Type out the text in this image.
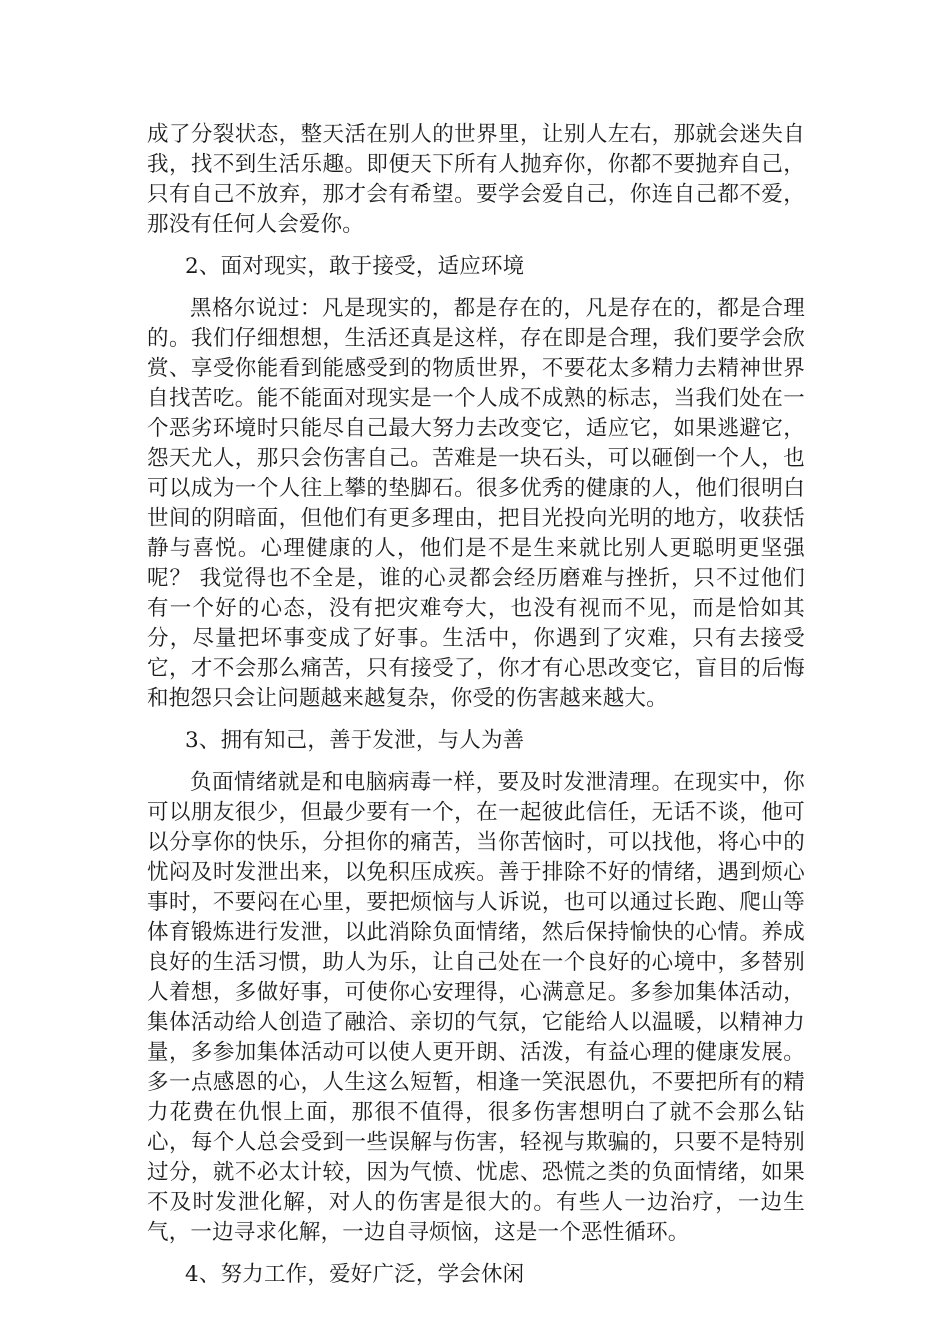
成了分裂状态，整天活在别人的世界里，让别人左右，那就会迷失自我，找不到生活乐趣。即便天下所有人抛弃你，你都不要抛弃自己，只有自己不放弃，那才会有希望。要学会爱自己，你连自己都不爱，那没有任何人会爱你。

2、面对现实，敢于接受，适应环境

黑格尔说过：凡是现实的，都是存在的，凡是存在的，都是合理的。我们仔细想想，生活还真是这样，存在即是合理，我们要学会欣赏、享受你能看到能感受到的物质世界，不要花太多精力去精神世界自找苦吃。能不能面对现实是一个人成不成熟的标志，当我们处在一个恶劣环境时只能尽自己最大努力去改变它，适应它，如果逃避它，怨天尤人，那只会伤害自己。苦难是一块石头，可以砸倒一个人，也可以成为一个人往上攀的垫脚石。很多优秀的健康的人，他们很明白世间的阴暗面，但他们有更多理由，把目光投向光明的地方，收获恬静与喜悦。心理健康的人，他们是不是生来就比别人更聪明更坚强呢？ 我觉得也不全是，谁的心灵都会经历磨难与挫折，只不过他们有一个好的心态，没有把灾难夸大，也没有视而不见，而是恰如其分，尽量把坏事变成了好事。生活中，你遇到了灾难，只有去接受它，才不会那么痛苦，只有接受了，你才有心思改变它，盲目的后悔和抱怨只会让问题越来越复杂，你受的伤害越来越大。

3、拥有知己，善于发泄，与人为善

负面情绪就是和电脑病毒一样，要及时发泄清理。在现实中，你可以朋友很少，但最少要有一个，在一起彼此信任，无话不谈，他可以分享你的快乐，分担你的痛苦，当你苦恼时，可以找他，将心中的忧闷及时发泄出来，以免积压成疾。善于排除不好的情绪，遇到烦心事时，不要闷在心里，要把烦恼与人诉说，也可以通过长跑、爬山等体育锻炼进行发泄，以此消除负面情绪，然后保持愉快的心情。养成良好的生活习惯，助人为乐，让自己处在一个良好的心境中，多替别人着想，多做好事，可使你心安理得，心满意足。多参加集体活动，集体活动给人创造了融洽、亲切的气氛，它能给人以温暖，以精神力量，多参加集体活动可以使人更开朗、活泼，有益心理的健康发展。多一点感恩的心，人生这么短暂，相逢一笑泯恩仇，不要把所有的精力花费在仇恨上面，那很不值得，很多伤害想明白了就不会那么钻心，每个人总会受到一些误解与伤害，轻视与欺骗的，只要不是特别过分，就不必太计较，因为气愤、忧虑、恐慌之类的负面情绪，如果不及时发泄化解，对人的伤害是很大的。有些人一边治疗，一边生气，一边寻求化解，一边自寻烦恼，这是一个恶性循环。

4、努力工作，爱好广泛，学会休闲
